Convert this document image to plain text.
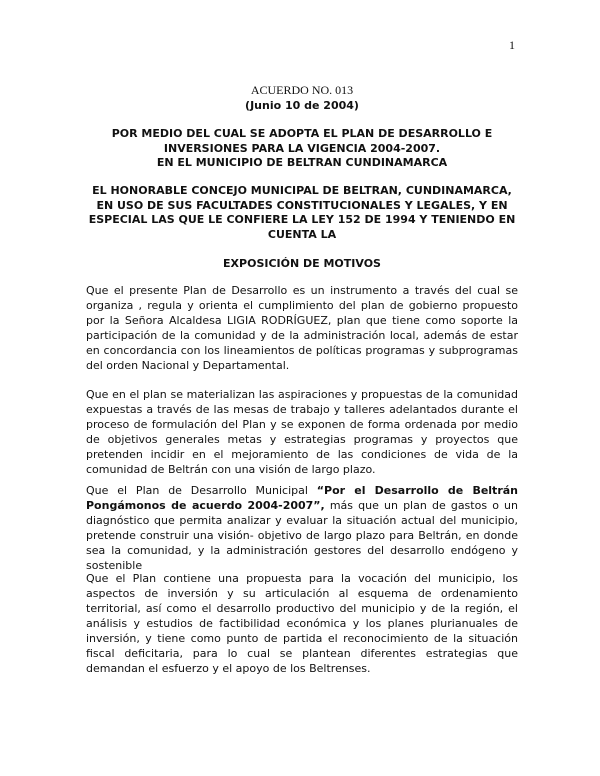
1
ACUERDO NO. 013
(Junio 10 de 2004)
POR MEDIO DEL CUAL SE ADOPTA EL PLAN DE DESARROLLO E
INVERSIONES PARA LA VIGENCIA 2004-2007.
EN EL MUNICIPIO DE BELTRAN CUNDINAMARCA
EL HONORABLE CONCEJO MUNICIPAL DE BELTRAN, CUNDINAMARCA,
EN USO DE SUS FACULTADES CONSTITUCIONALES Y LEGALES, Y EN
ESPECIAL LAS QUE LE CONFIERE LA LEY 152 DE 1994 Y TENIENDO EN
CUENTA LA
EXPOSICIÓN DE MOTIVOS

Que el presente Plan de Desarrollo es un instrumento a través del cual se organiza , regula y orienta el cumplimiento del plan de gobierno propuesto por la Señora Alcaldesa LIGIA RODRÍGUEZ, plan que tiene como soporte la participación de la comunidad y de la administración local, además de estar en concordancia con los lineamientos de políticas programas y subprogramas del orden Nacional y Departamental.

Que en el plan se materializan las aspiraciones y propuestas de la comunidad expuestas a través de las mesas de trabajo y talleres adelantados durante el proceso de formulación del Plan y se exponen de forma ordenada por medio de objetivos generales metas y estrategias programas y proyectos que pretenden incidir en el mejoramiento de las condiciones de vida de la comunidad de Beltrán con una visión de largo plazo.

Que el Plan de Desarrollo Municipal “Por el Desarrollo de Beltrán Pongámonos de acuerdo 2004-2007”, más que un plan de gastos o un diagnóstico que permita analizar y evaluar la situación actual del municipio, pretende construir una visión- objetivo de largo plazo para Beltrán, en donde sea la comunidad, y la administración gestores del desarrollo endógeno y sostenible

Que el Plan contiene una propuesta para la vocación del municipio, los aspectos de inversión y su articulación al esquema de ordenamiento territorial, así como el desarrollo productivo del municipio y de la región, el análisis y estudios de factibilidad económica y los planes plurianuales de inversión, y tiene como punto de partida el reconocimiento de la situación fiscal deficitaria, para lo cual se plantean diferentes estrategias que demandan el esfuerzo y el apoyo de los Beltrenses.
